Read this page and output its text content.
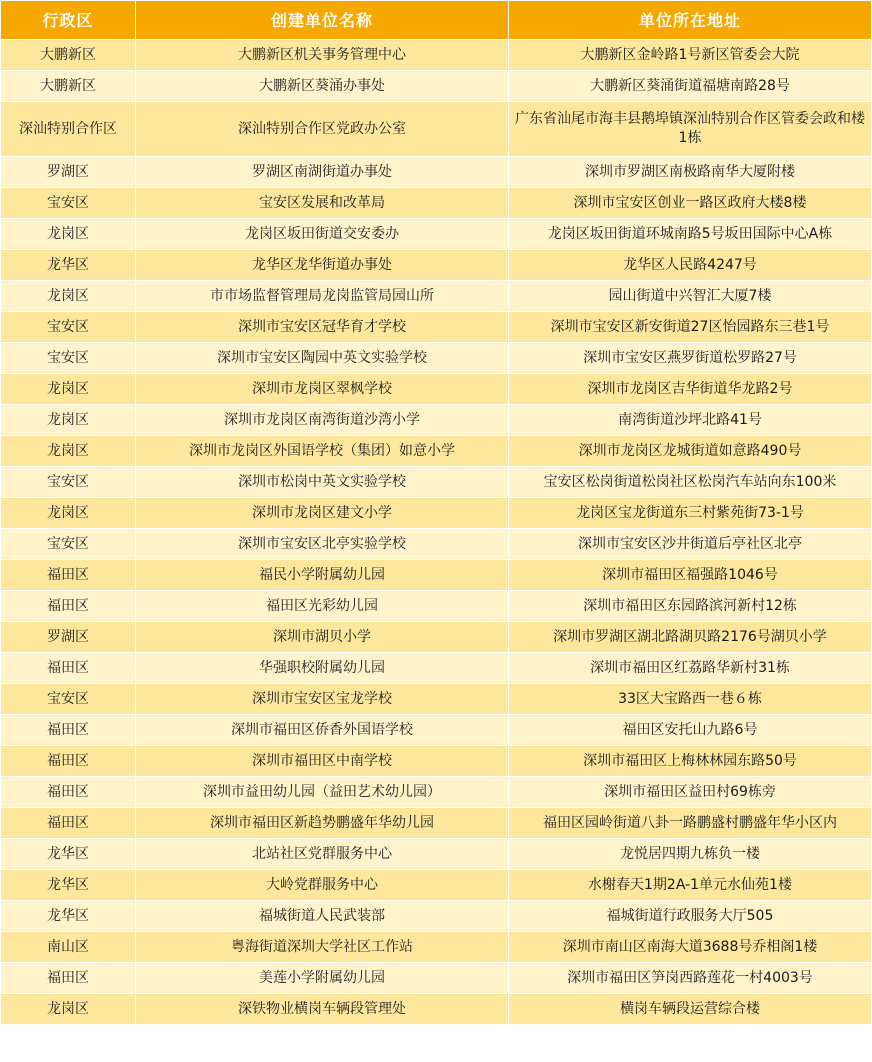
行政区	创建单位名称	单位所在地址
大鹏新区	大鹏新区机关事务管理中心	大鹏新区金岭路1号新区管委会大院
大鹏新区	大鹏新区葵涌办事处	大鹏新区葵涌街道福塘南路28号
深汕特别合作区	深汕特别合作区党政办公室	广东省汕尾市海丰县鹅埠镇深汕特别合作区管委会政和楼1栋
罗湖区	罗湖区南湖街道办事处	深圳市罗湖区南极路南华大厦附楼
宝安区	宝安区发展和改革局	深圳市宝安区创业一路区政府大楼8楼
龙岗区	龙岗区坂田街道交安委办	龙岗区坂田街道环城南路5号坂田国际中心A栋
龙华区	龙华区龙华街道办事处	龙华区人民路4247号
龙岗区	市市场监督管理局龙岗监管局园山所	园山街道中兴智汇大厦7楼
宝安区	深圳市宝安区冠华育才学校	深圳市宝安区新安街道27区怡园路东三巷1号
宝安区	深圳市宝安区陶园中英文实验学校	深圳市宝安区燕罗街道松罗路27号
龙岗区	深圳市龙岗区翠枫学校	深圳市龙岗区吉华街道华龙路2号
龙岗区	深圳市龙岗区南湾街道沙湾小学	南湾街道沙坪北路41号
龙岗区	深圳市龙岗区外国语学校（集团）如意小学	深圳市龙岗区龙城街道如意路490号
宝安区	深圳市松岗中英文实验学校	宝安区松岗街道松岗社区松岗汽车站向东100米
龙岗区	深圳市龙岗区建文小学	龙岗区宝龙街道东三村紫苑街73-1号
宝安区	深圳市宝安区北亭实验学校	深圳市宝安区沙井街道后亭社区北亭
福田区	福民小学附属幼儿园	深圳市福田区福强路1046号
福田区	福田区光彩幼儿园	深圳市福田区东园路滨河新村12栋
罗湖区	深圳市湖贝小学	深圳市罗湖区湖北路湖贝路2176号湖贝小学
福田区	华强职校附属幼儿园	深圳市福田区红荔路华新村31栋
宝安区	深圳市宝安区宝龙学校	33区大宝路西一巷６栋
福田区	深圳市福田区侨香外国语学校	福田区安托山九路6号
福田区	深圳市福田区中南学校	深圳市福田区上梅林林园东路50号
福田区	深圳市益田幼儿园（益田艺术幼儿园）	深圳市福田区益田村69栋旁
福田区	深圳市福田区新趋势鹏盛年华幼儿园	福田区园岭街道八卦一路鹏盛村鹏盛年华小区内
龙华区	北站社区党群服务中心	龙悦居四期九栋负一楼
龙华区	大岭党群服务中心	水榭春天1期2A-1单元水仙苑1楼
龙华区	福城街道人民武装部	福城街道行政服务大厅505
南山区	粤海街道深圳大学社区工作站	深圳市南山区南海大道3688号乔相阁1楼
福田区	美莲小学附属幼儿园	深圳市福田区笋岗西路莲花一村4003号
龙岗区	深铁物业横岗车辆段管理处	横岗车辆段运营综合楼
